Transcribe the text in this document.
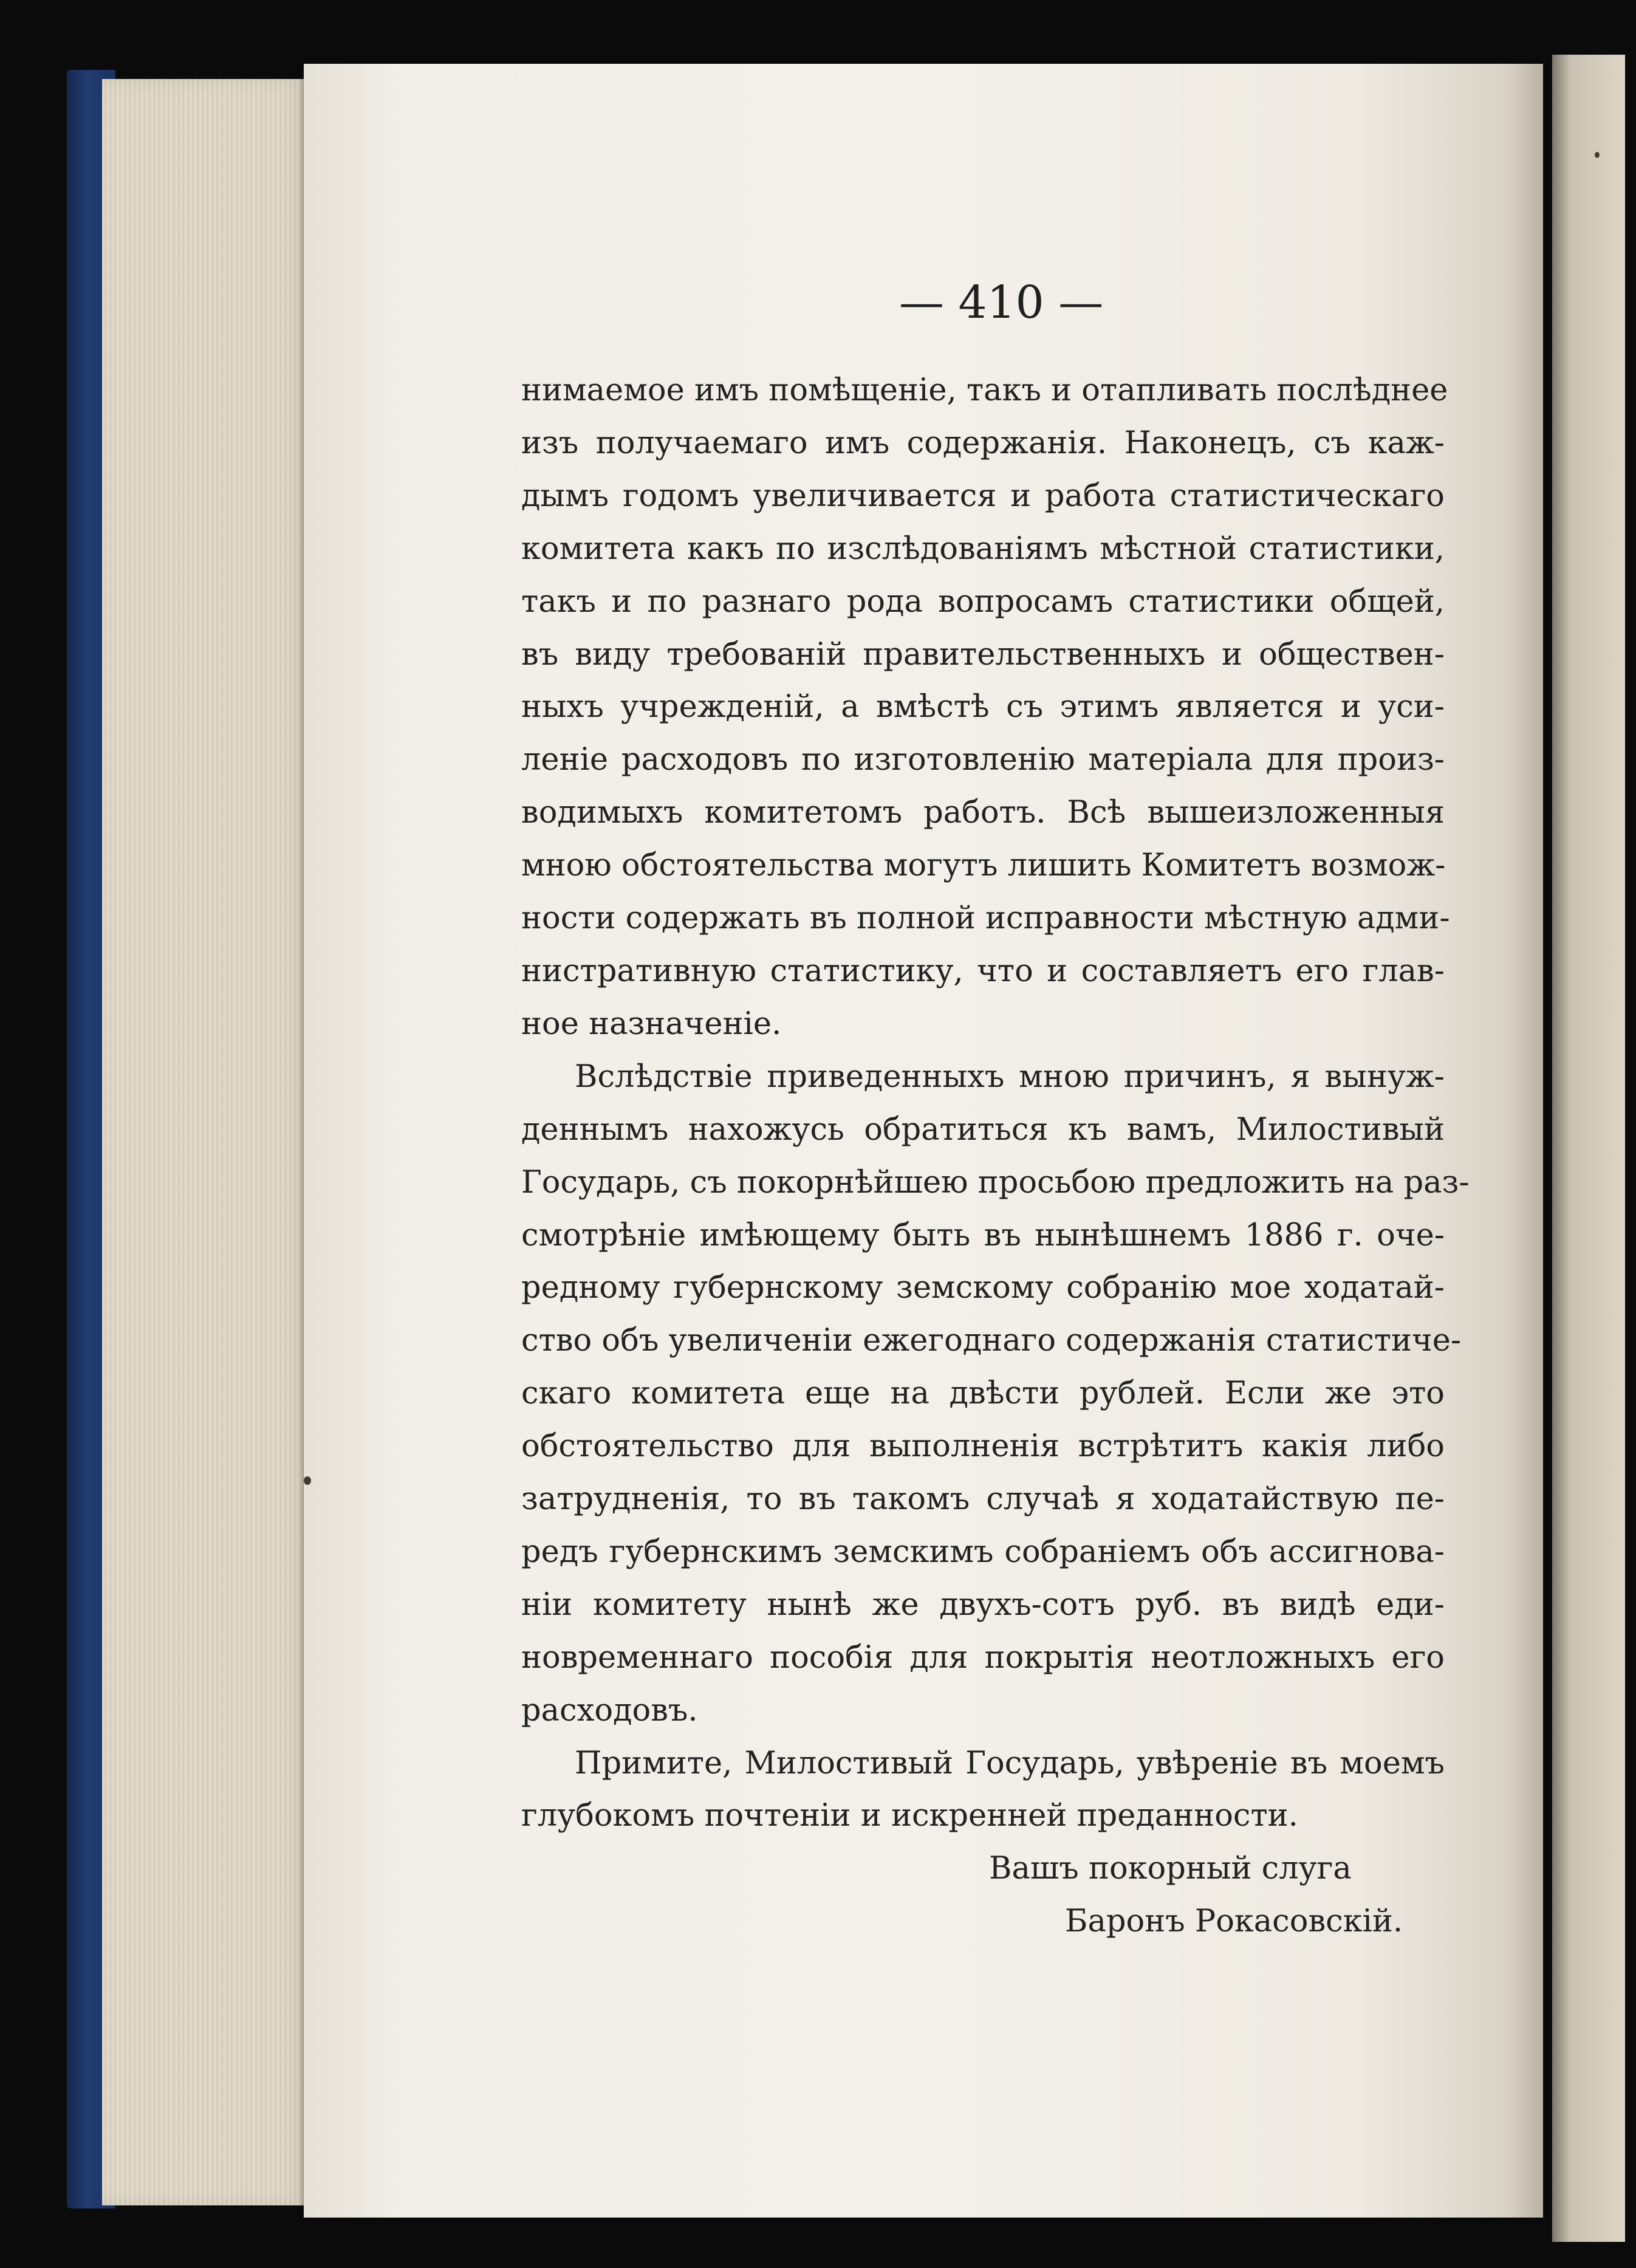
— 410 —

нимаемое имъ помѣщеніе, такъ и отапливать послѣднее
изъ получаемаго имъ содержанія. Наконецъ, съ каж-
дымъ годомъ увеличивается и работа статистическаго
комитета какъ по изслѣдованіямъ мѣстной статистики,
такъ и по разнаго рода вопросамъ статистики общей,
въ виду требованій правительственныхъ и обществен-
ныхъ учрежденій, а вмѣстѣ съ этимъ является и уси-
леніе расходовъ по изготовленію матеріала для произ-
водимыхъ комитетомъ работъ. Всѣ вышеизложенныя
мною обстоятельства могутъ лишить Комитетъ возмож-
ности содержать въ полной исправности мѣстную адми-
нистративную статистику, что и составляетъ его глав-
ное назначеніе.

Вслѣдствіе приведенныхъ мною причинъ, я вынуж-
деннымъ нахожусь обратиться къ вамъ, Милостивый
Государь, съ покорнѣйшею просьбою предложить на раз-
смотрѣніе имѣющему быть въ нынѣшнемъ 1886 г. оче-
редному губернскому земскому собранію мое ходатай-
ство объ увеличеніи ежегоднаго содержанія статистиче-
скаго комитета еще на двѣсти рублей. Если же это
обстоятельство для выполненія встрѣтитъ какія либо
затрудненія, то въ такомъ случаѣ я ходатайствую пе-
редъ губернскимъ земскимъ собраніемъ объ ассигнова-
ніи комитету нынѣ же двухъ-сотъ руб. въ видѣ еди-
новременнаго пособія для покрытія неотложныхъ его
расходовъ.

Примите, Милостивый Государь, увѣреніе въ моемъ
глубокомъ почтеніи и искренней преданности.

Вашъ покорный слуга
Баронъ Рокасовскій.
